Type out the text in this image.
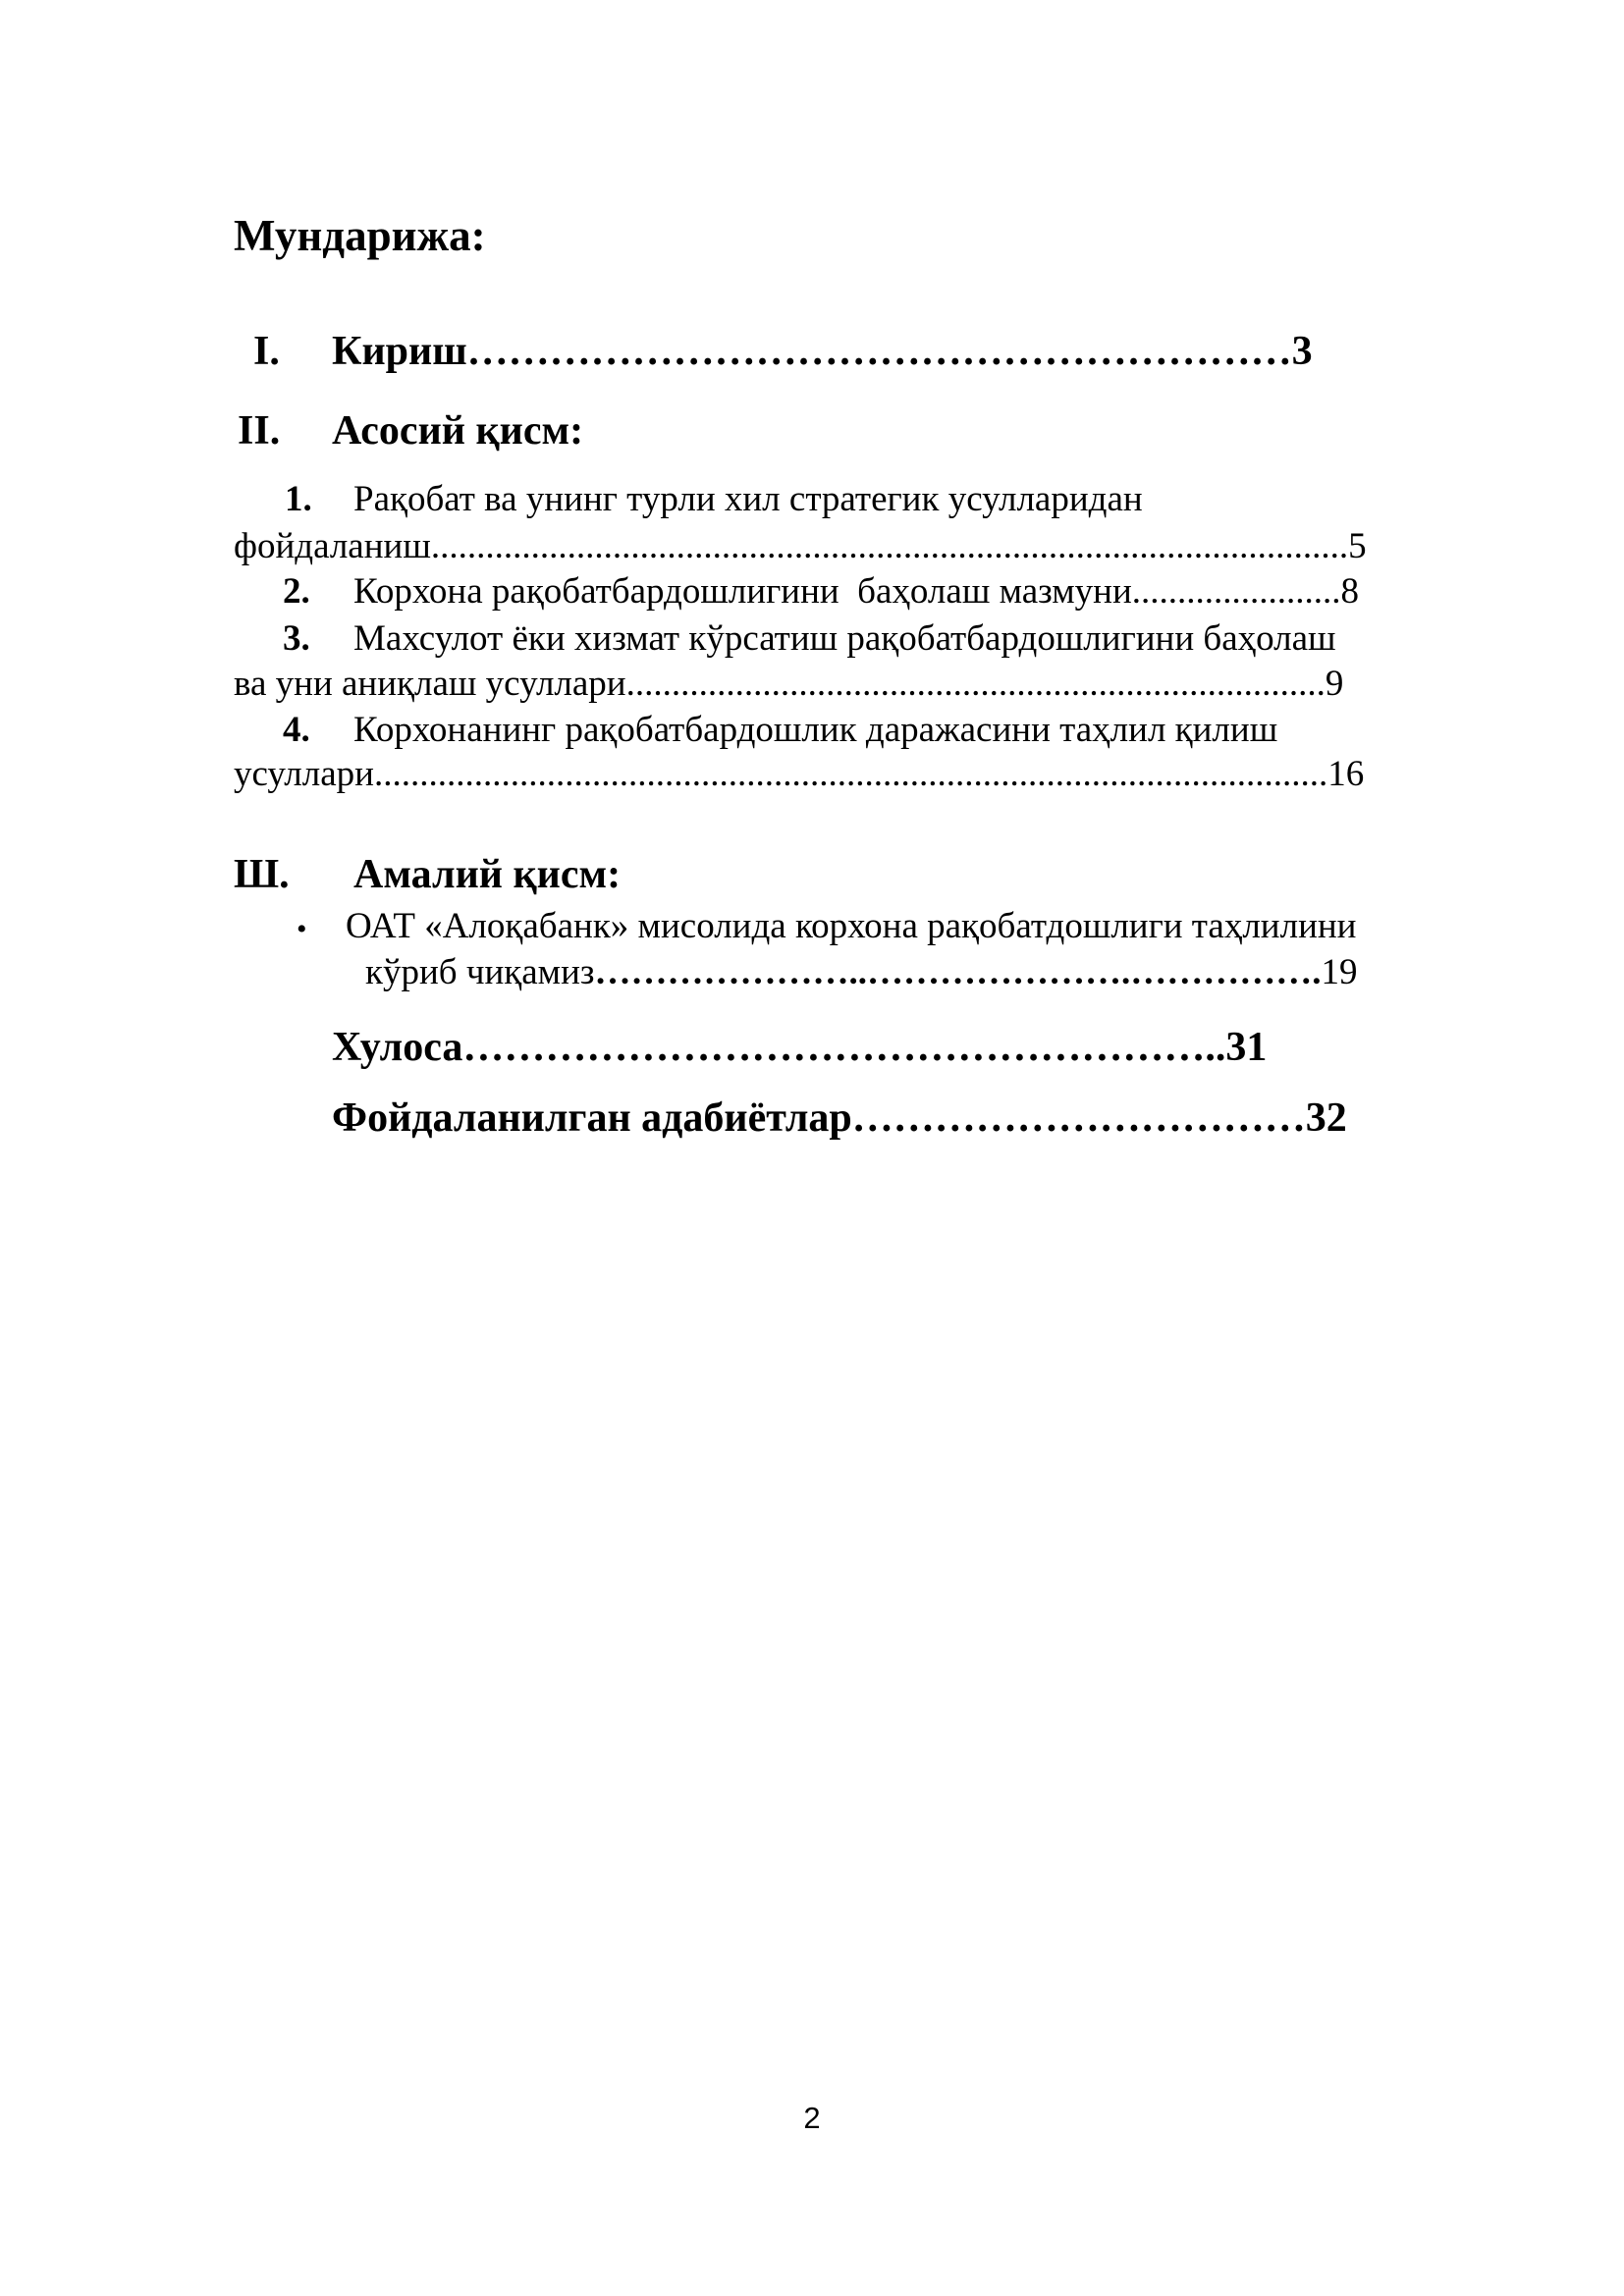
Мундарижа:
I. Кириш……………………………………………………3
II. Асосий қисм:
1. Рақобат ва унинг турли хил стратегик усулларидан
фойдаланиш.....................................................................................................5
2. Корхона рақобатбардошлигини  баҳолаш мазмуни.......................8
3. Махсулот ёки хизмат кўрсатиш рақобатбардошлигини баҳолаш
ва уни аниқлаш усуллари.............................................................................9
4. Корхонанинг рақобатбардошлик даражасини таҳлил қилиш
усуллари.........................................................................................................16
Ш. Амалий қисм:
• ОАТ «Алоқабанк» мисолида корхона рақобатдошлиги таҳлилини
кўриб чиқамиз…………………..………………….…………….19
Хулоса………………………………………………..31
Фойдаланилган адабиётлар……………………………32
2
